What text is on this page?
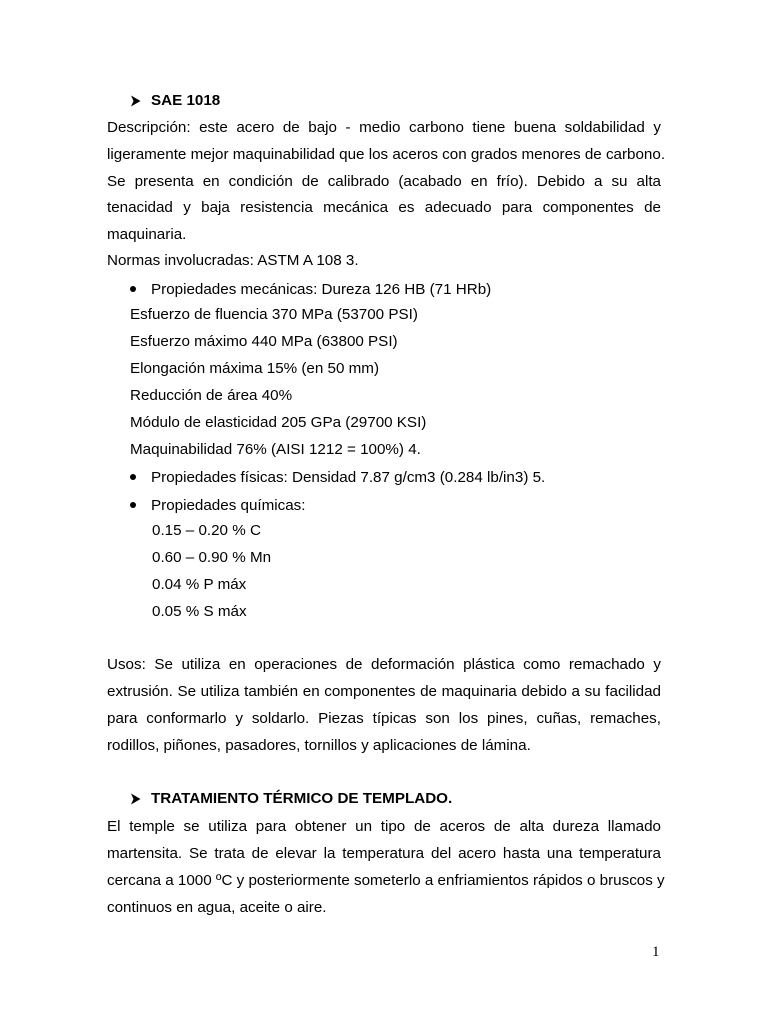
SAE 1018
Descripción: este acero de bajo - medio carbono tiene buena soldabilidad y
ligeramente mejor maquinabilidad que los aceros con grados menores de carbono.
Se presenta en condición de calibrado (acabado en frío). Debido a su alta
tenacidad y baja resistencia mecánica es adecuado para componentes de
maquinaria.
Normas involucradas: ASTM A 108 3.
Propiedades mecánicas: Dureza 126 HB (71 HRb)
Esfuerzo de fluencia 370 MPa (53700 PSI)
Esfuerzo máximo 440 MPa (63800 PSI)
Elongación máxima 15% (en 50 mm)
Reducción de área 40%
Módulo de elasticidad 205 GPa (29700 KSI)
Maquinabilidad 76% (AISI 1212 = 100%) 4.
Propiedades físicas: Densidad 7.87 g/cm3 (0.284 lb/in3) 5.
Propiedades químicas:
0.15 – 0.20 % C
0.60 – 0.90 % Mn
0.04 % P máx
0.05 % S máx
Usos: Se utiliza en operaciones de deformación plástica como remachado y
extrusión. Se utiliza también en componentes de maquinaria debido a su facilidad
para conformarlo y soldarlo. Piezas típicas son los pines, cuñas, remaches,
rodillos, piñones, pasadores, tornillos y aplicaciones de lámina.
TRATAMIENTO TÉRMICO DE TEMPLADO.
El temple se utiliza para obtener un tipo de aceros de alta dureza llamado
martensita. Se trata de elevar la temperatura del acero hasta una temperatura
cercana a 1000 ºC y posteriormente someterlo a enfriamientos rápidos o bruscos y
continuos en agua, aceite o aire.
1
